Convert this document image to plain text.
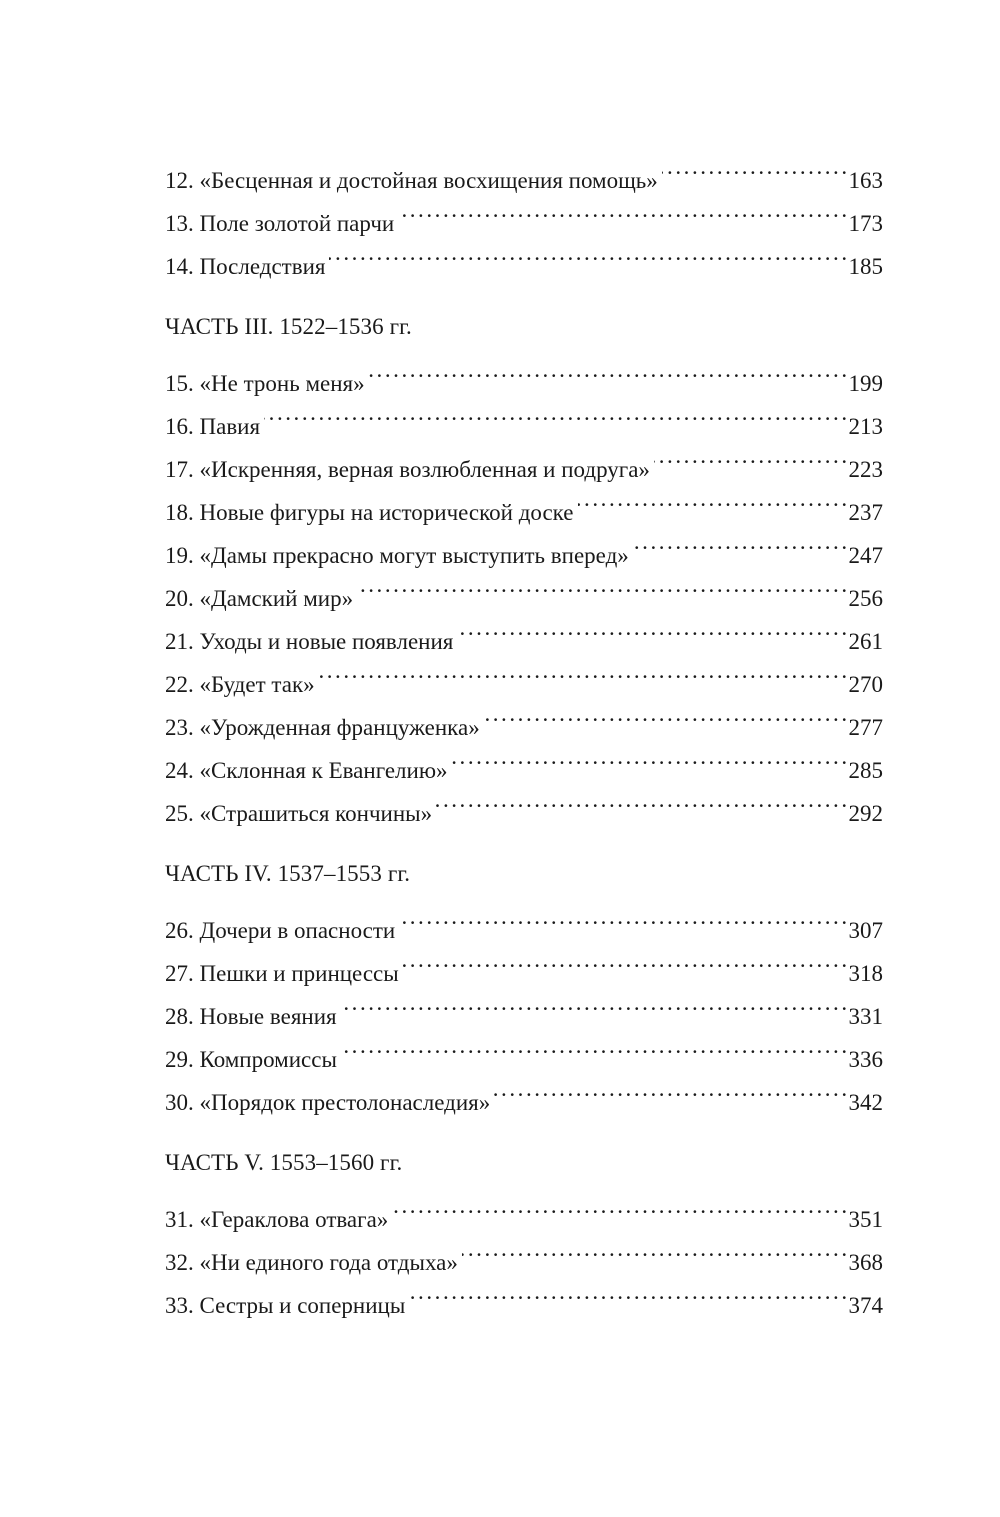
12. «Бесценная и достойная восхищения помощь» . . .	163
13. Поле золотой парчи . . .	173
14. Последствия . . .	185
ЧАСТЬ III. 1522–1536 гг.
15. «Не тронь меня» . . .	199
16. Павия . . .	213
17. «Искренняя, верная возлюбленная и подруга» . . .	223
18. Новые фигуры на исторической доске . . .	237
19. «Дамы прекрасно могут выступить вперед» . . .	247
20. «Дамский мир» . . .	256
21. Уходы и новые появления . . .	261
22. «Будет так» . . .	270
23. «Урожденная француженка» . . .	277
24. «Склонная к Евангелию» . . .	285
25. «Страшиться кончины» . . .	292
ЧАСТЬ IV. 1537–1553 гг.
26. Дочери в опасности . . .	307
27. Пешки и принцессы . . .	318
28. Новые веяния . . .	331
29. Компромиссы . . .	336
30. «Порядок престолонаследия» . . .	342
ЧАСТЬ V. 1553–1560 гг.
31. «Гераклова отвага» . . .	351
32. «Ни единого года отдыха» . . .	368
33. Сестры и соперницы . . .	374
